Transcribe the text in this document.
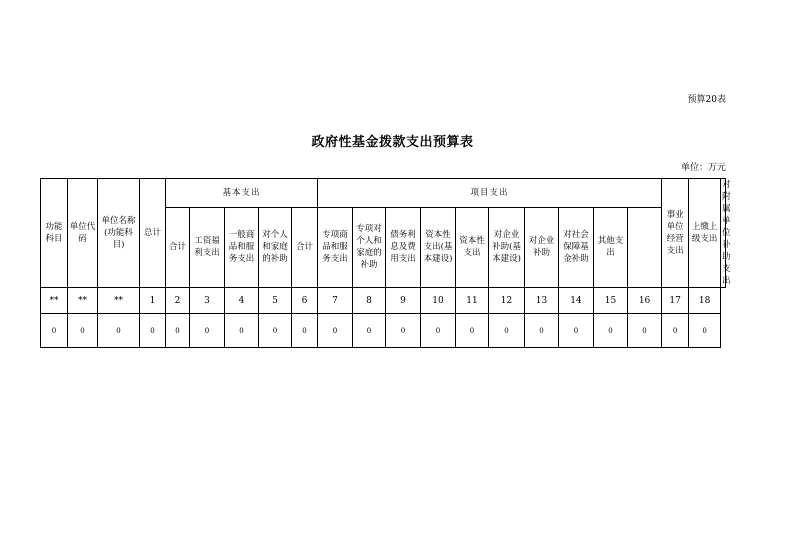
预算20表
政府性基金拨款支出预算表
单位：万元
功能科目	单位代码	单位名称(功能科目)	总计	基本支出					项目支出										事业单位经营支出	上缴上级支出	对附属单位补助支出
				合计	工资福利支出	一般商品和服务支出	对个人和家庭的补助	合计	专项商品和服务支出	专项对个人和家庭的补助	债务利息及费用支出	资本性支出(基本建设)	资本性支出	对企业补助(基本建设)	对企业补助	对社会保障基金补助	其他支出				
**	**	**	1	2	3	4	5	6	7	8	9	10	11	12	13	14	15	16	17	18	
0	0	0	0	0	0	0	0	0	0	0	0	0	0	0	0	0	0	0	0	0	
